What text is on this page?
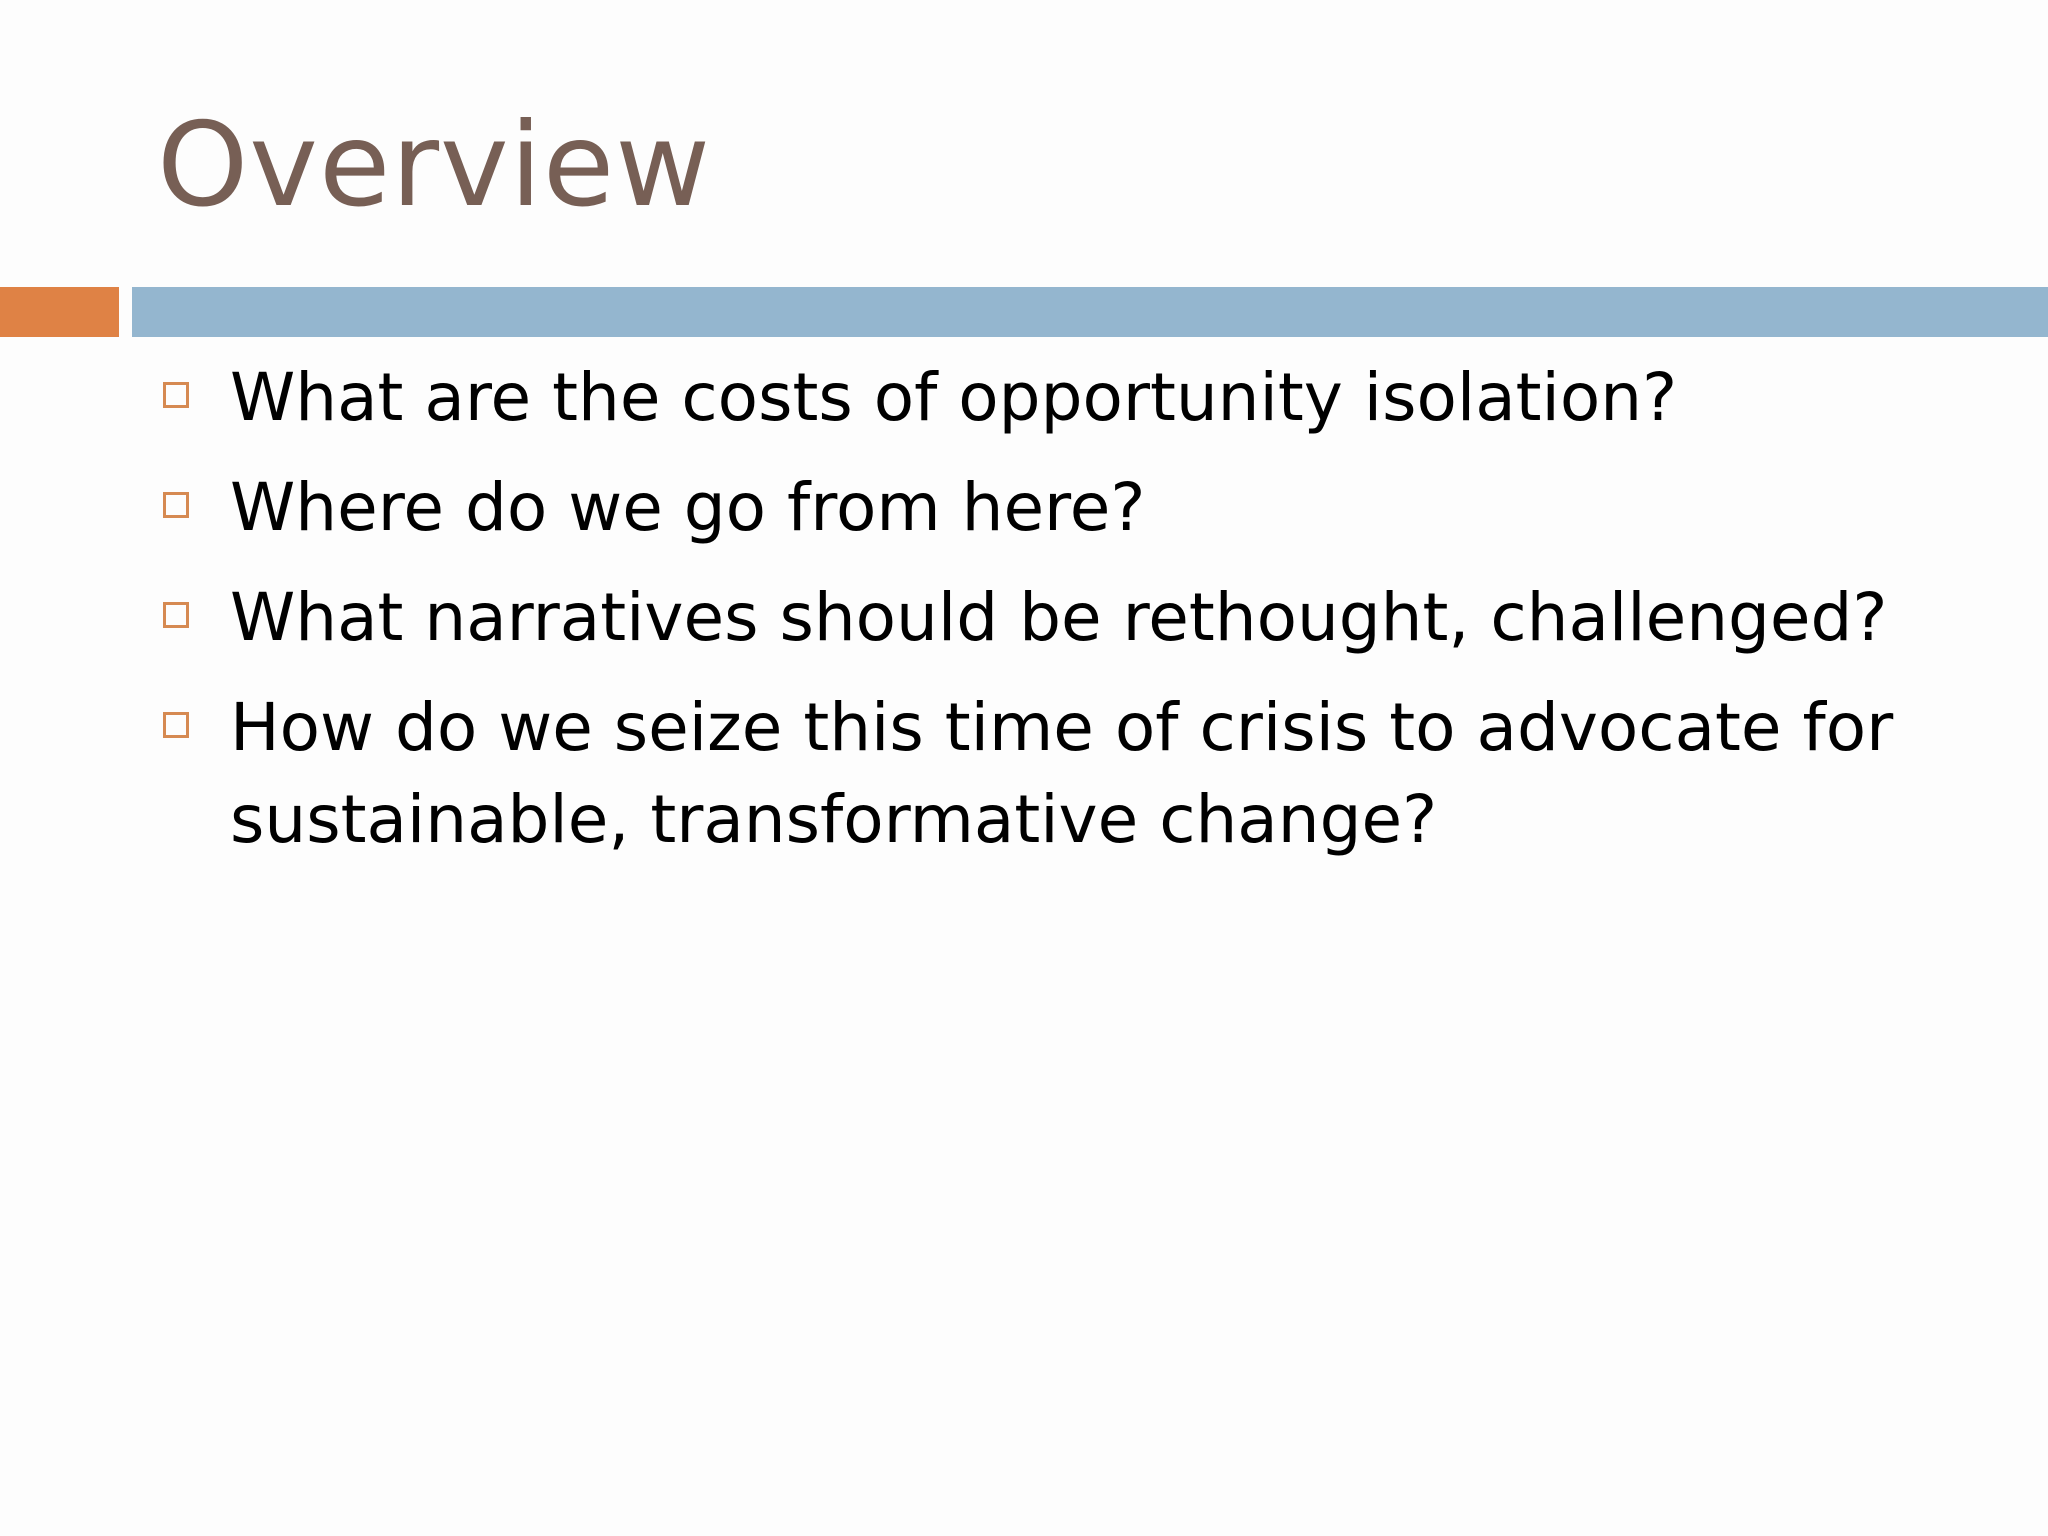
Overview
What are the costs of opportunity isolation?
Where do we go from here?
What narratives should be rethought, challenged?
How do we seize this time of crisis to advocate for sustainable, transformative change?
